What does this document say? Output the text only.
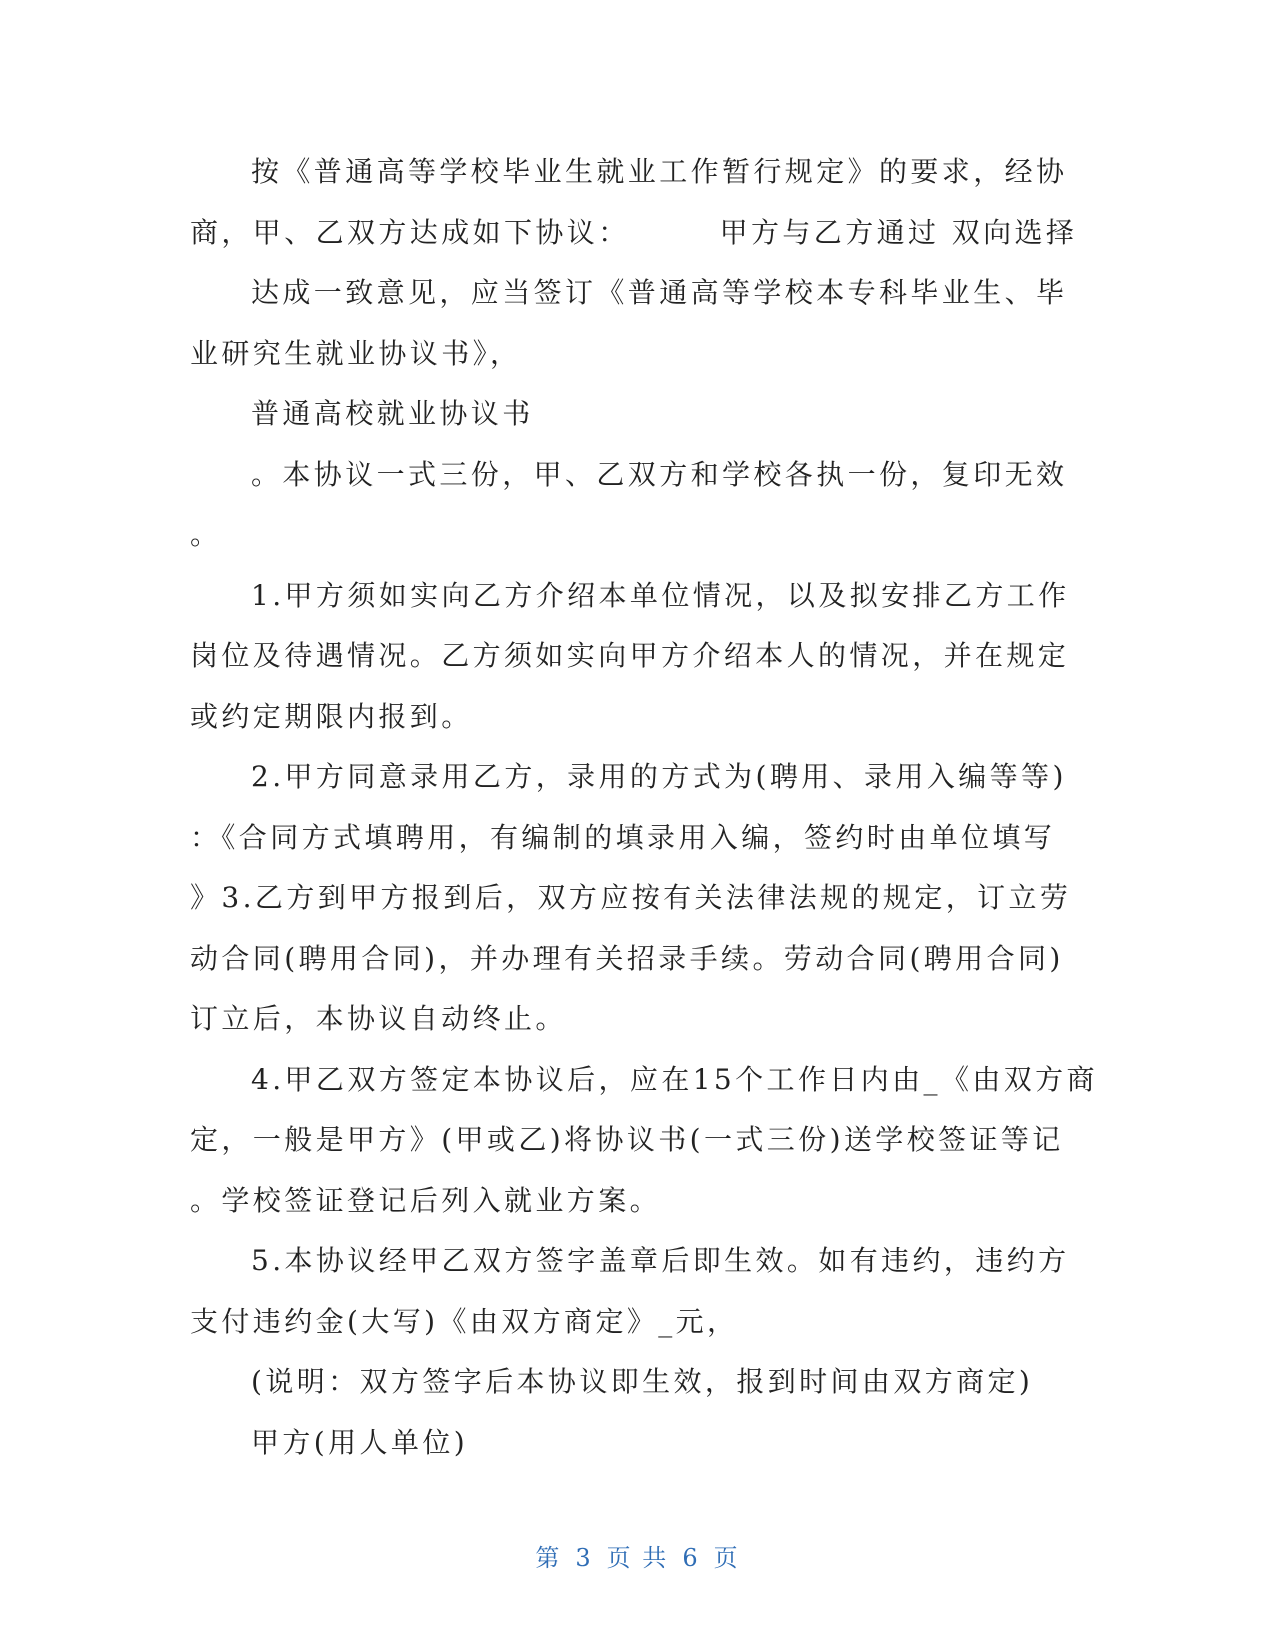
按《普通高等学校毕业生就业工作暂行规定》的要求，经协
商，甲、乙双方达成如下协议：	甲方与乙方通过 双向选择
达成一致意见，应当签订《普通高等学校本专科毕业生、毕
业研究生就业协议书》，
普通高校就业协议书
。本协议一式三份，甲、乙双方和学校各执一份，复印无效
。
1.甲方须如实向乙方介绍本单位情况，以及拟安排乙方工作
岗位及待遇情况。乙方须如实向甲方介绍本人的情况，并在规定
或约定期限内报到。
2.甲方同意录用乙方，录用的方式为(聘用、录用入编等等)
：《合同方式填聘用，有编制的填录用入编，签约时由单位填写
》3.乙方到甲方报到后，双方应按有关法律法规的规定，订立劳
动合同(聘用合同)，并办理有关招录手续。劳动合同(聘用合同)
订立后，本协议自动终止。
4.甲乙双方签定本协议后，应在15个工作日内由_《由双方商
定，一般是甲方》(甲或乙)将协议书(一式三份)送学校签证等记
。学校签证登记后列入就业方案。
5.本协议经甲乙双方签字盖章后即生效。如有违约，违约方
支付违约金(大写)《由双方商定》_元，
(说明：双方签字后本协议即生效，报到时间由双方商定)
甲方(用人单位)
第 3 页 共 6 页
